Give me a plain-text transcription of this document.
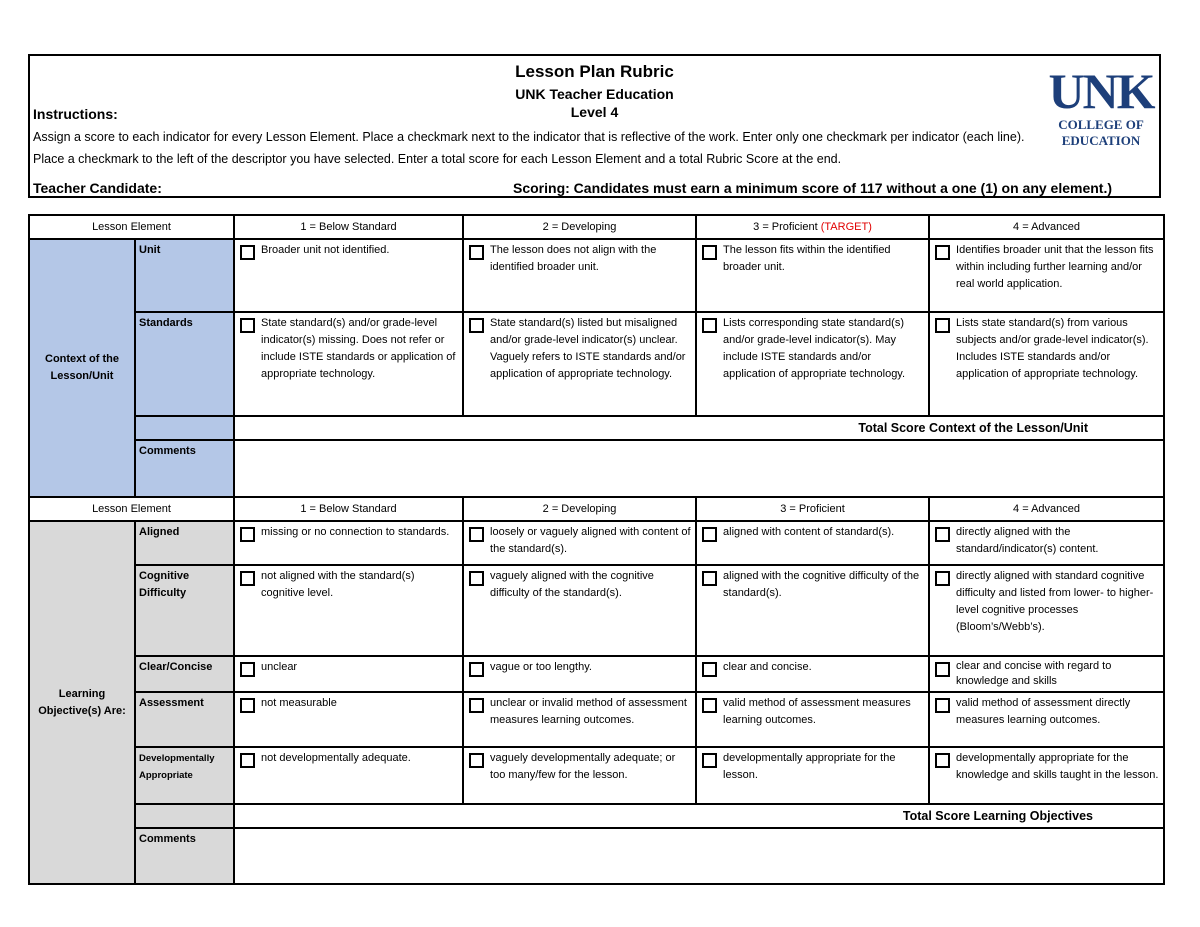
Lesson Plan Rubric
UNK Teacher Education
Level 4
Instructions:
Assign a score to each indicator for every Lesson Element. Place a checkmark next to the indicator that is reflective of the work. Enter only one checkmark per indicator (each line). Place a checkmark to the left of the descriptor you have selected. Enter a total score for each Lesson Element and a total Rubric Score at the end.
Teacher Candidate:	Scoring: Candidates must earn a minimum score of 117 without a one (1) on any element.)
UNK
COLLEGE OF
EDUCATION
Lesson Element		1 = Below Standard	2 = Developing	3 = Proficient (TARGET)	4 = Advanced
Context of the Lesson/Unit	Unit	Broader unit not identified.	The lesson does not align with the identified broader unit.	The lesson fits within the identified broader unit.	Identifies broader unit that the lesson fits within including further learning and/or real world application.
	Standards	State standard(s) and/or grade-level indicator(s) missing. Does not refer or include ISTE standards or application of appropriate technology.	State standard(s) listed but misaligned and/or grade-level indicator(s) unclear. Vaguely refers to ISTE standards and/or application of appropriate technology.	Lists corresponding state standard(s) and/or grade-level indicator(s). May include ISTE standards and/or application of appropriate technology.	Lists state standard(s) from various subjects and/or grade-level indicator(s). Includes ISTE standards and/or application of appropriate technology.
		Total Score Context of the Lesson/Unit			
	Comments				
Lesson Element		1 = Below Standard	2 = Developing	3 = Proficient	4 = Advanced
Learning Objective(s) Are:	Aligned	missing or no connection to standards.	loosely or vaguely aligned with content of the standard(s).	aligned with content of standard(s).	directly aligned with the standard/indicator(s) content.
	Cognitive Difficulty	not aligned with the standard(s) cognitive level.	vaguely aligned with the cognitive difficulty of the standard(s).	aligned with the cognitive difficulty of the standard(s).	directly aligned with standard cognitive difficulty and listed from lower- to higher-level cognitive processes (Bloom’s/Webb’s).
	Clear/Concise	unclear	vague or too lengthy.	clear and concise.	clear and concise with regard to knowledge and skills
	Assessment	not measurable	unclear or invalid method of assessment measures learning outcomes.	valid method of assessment measures learning outcomes.	valid method of assessment directly measures learning outcomes.
	Developmentally Appropriate	not developmentally adequate.	vaguely developmentally adequate; or too many/few for the lesson.	developmentally appropriate for the lesson.	developmentally appropriate for the knowledge and skills taught in the lesson.
		Total Score Learning Objectives			
	Comments				
